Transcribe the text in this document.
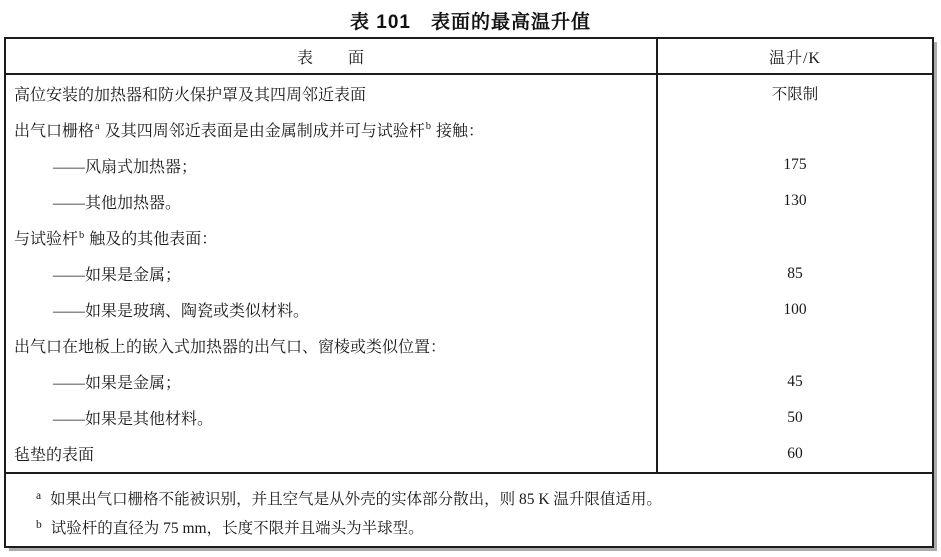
表 101　表面的最高温升值
表　　面	温升/K
高位安装的加热器和防火保护罩及其四周邻近表面	不限制
出气口栅格$^a$ 及其四周邻近表面是由金属制成并可与试验杆$^b$ 接触：
——风扇式加热器；	175
——其他加热器。	130
与试验杆$^b$ 触及的其他表面：
——如果是金属；	85
——如果是玻璃、陶瓷或类似材料。	100
出气口在地板上的嵌入式加热器的出气口、窗棱或类似位置：
——如果是金属；	45
——如果是其他材料。	50
毡垫的表面	60
a 如果出气口栅格不能被识别，并且空气是从外壳的实体部分散出，则 85 K 温升限值适用。
b 试验杆的直径为 75 mm，长度不限并且端头为半球型。
